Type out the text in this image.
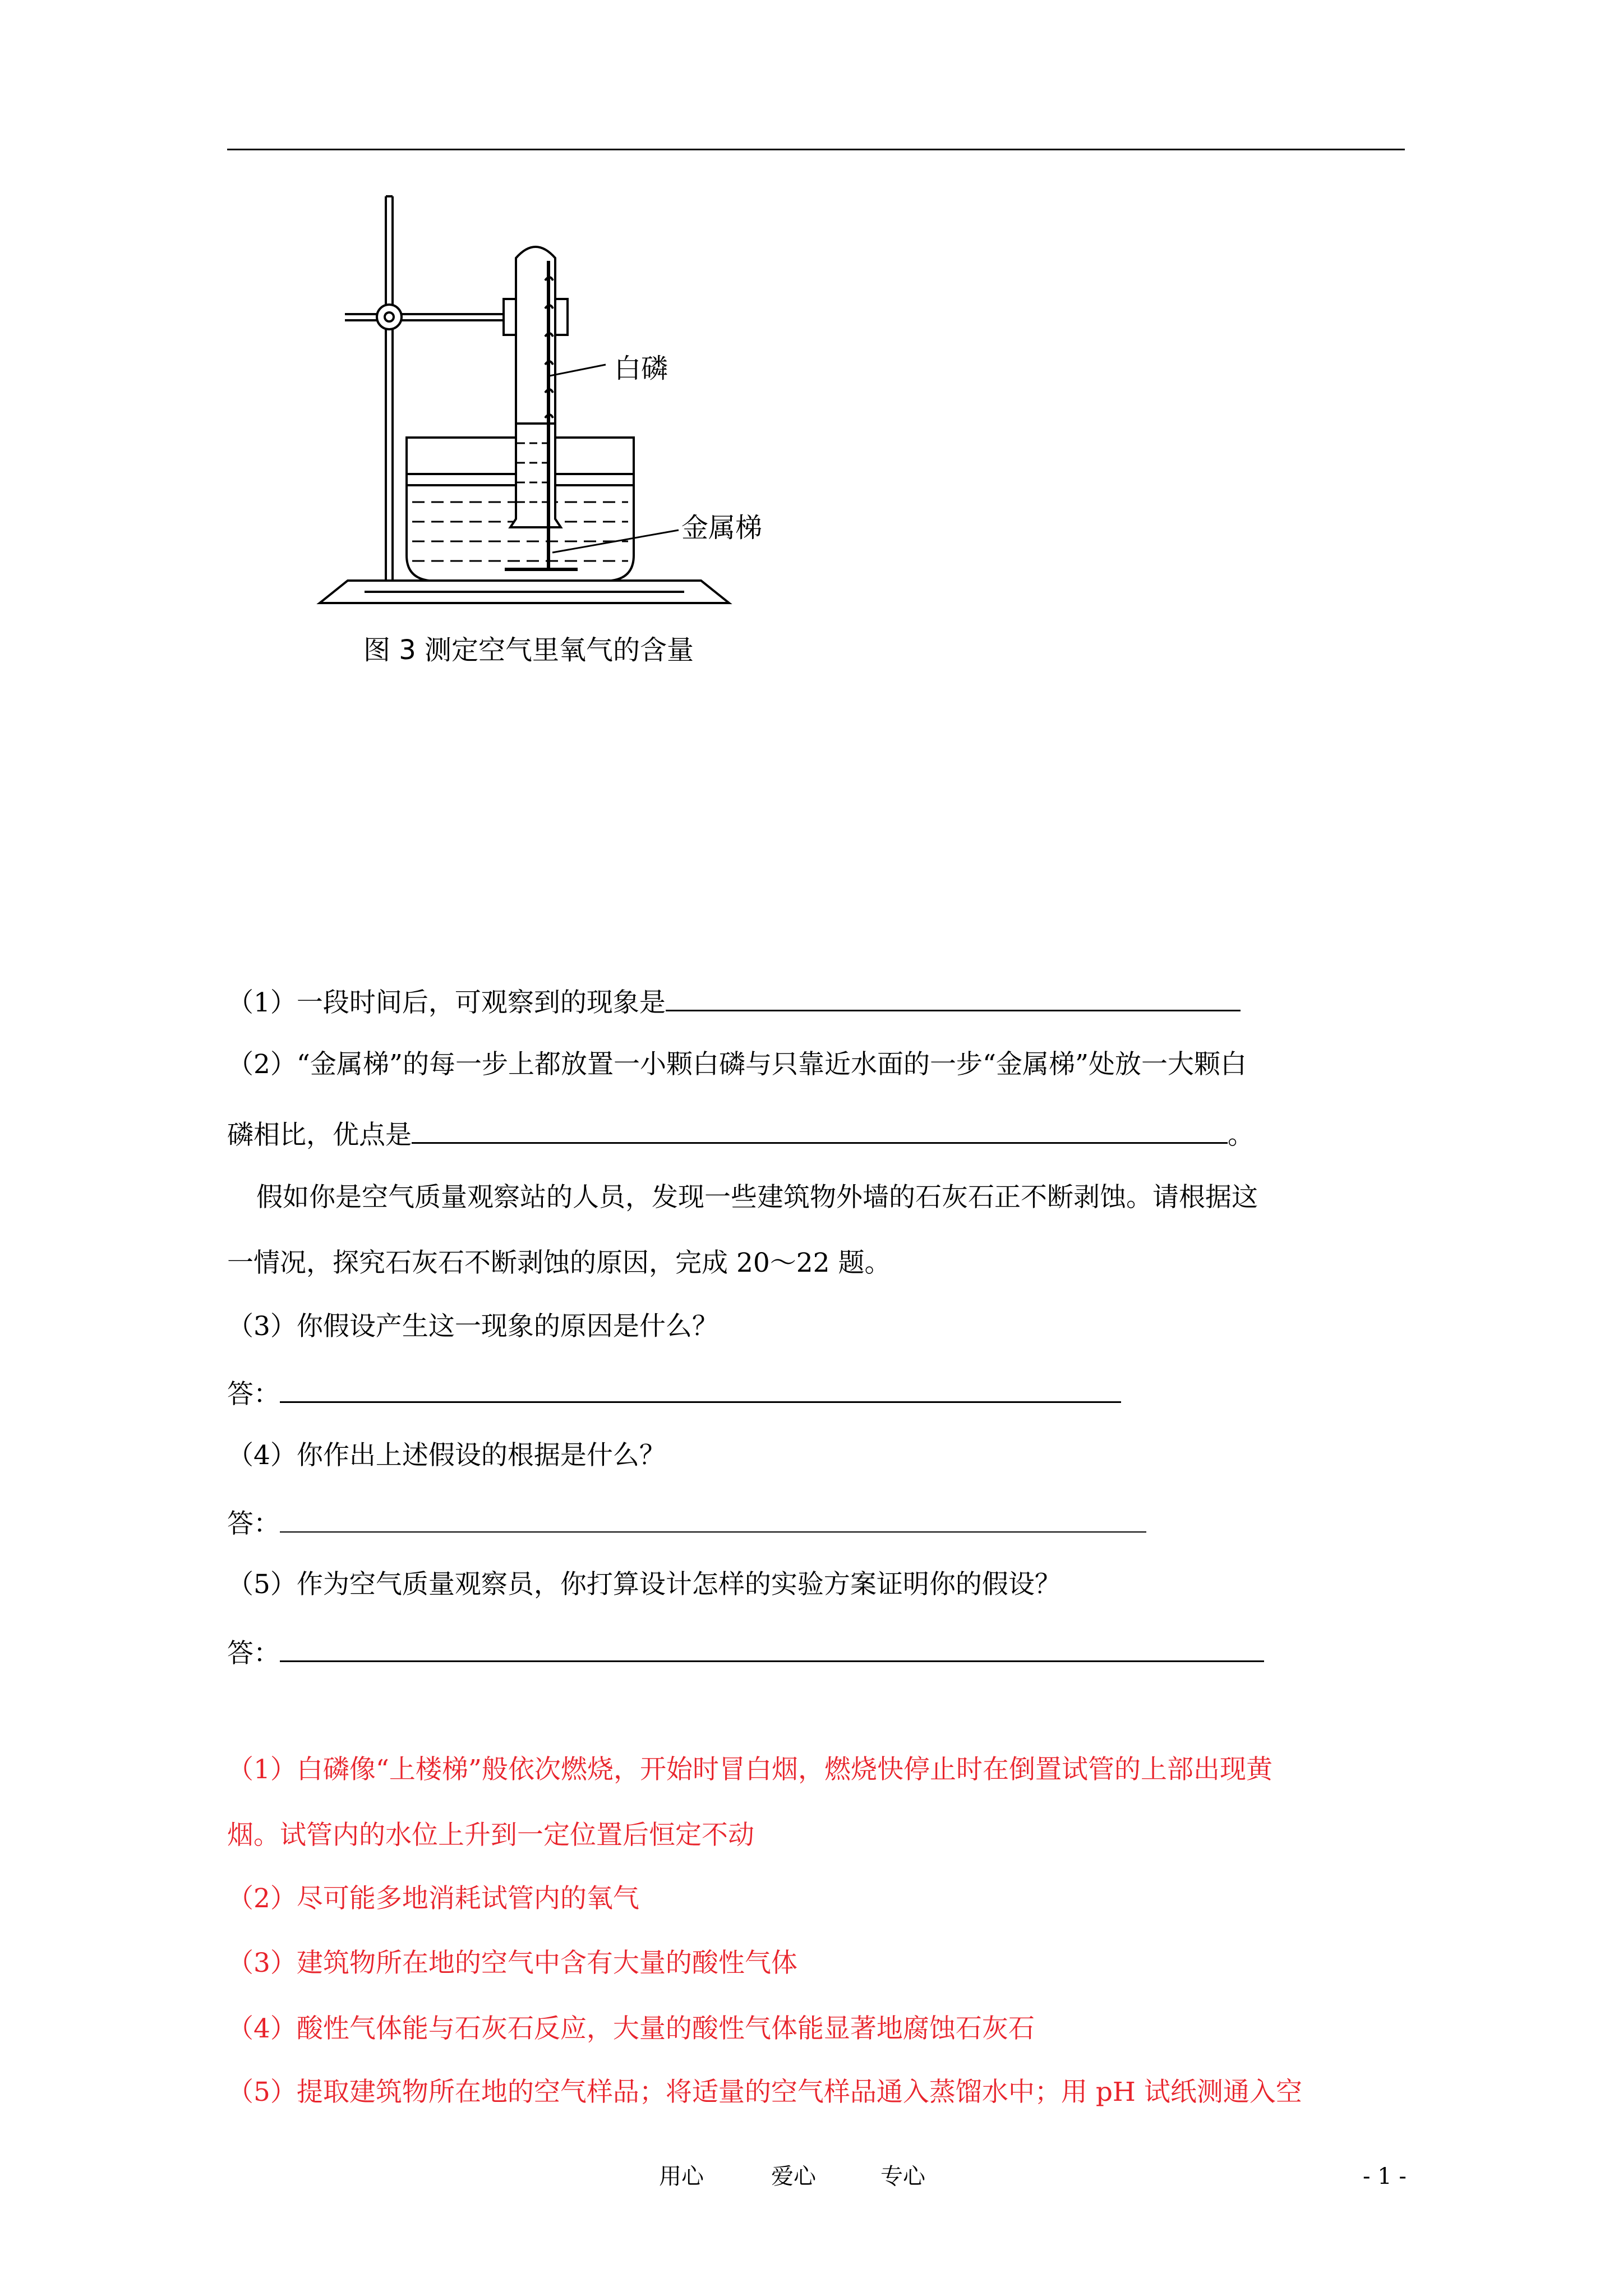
白磷
金属梯
图 3 测定空气里氧气的含量
（1）一段时间后，可观察到的现象是
（2）“金属梯”的每一步上都放置一小颗白磷与只靠近水面的一步“金属梯”处放一大颗白
磷相比，优点是	。
假如你是空气质量观察站的人员，发现一些建筑物外墙的石灰石正不断剥蚀。请根据这
一情况，探究石灰石不断剥蚀的原因，完成 20～22 题。
（3）你假设产生这一现象的原因是什么？
答：
（4）你作出上述假设的根据是什么？
答：
（5）作为空气质量观察员，你打算设计怎样的实验方案证明你的假设？
答：
（1）白磷像“上楼梯”般依次燃烧，开始时冒白烟，燃烧快停止时在倒置试管的上部出现黄
烟。试管内的水位上升到一定位置后恒定不动
（2）尽可能多地消耗试管内的氧气
（3）建筑物所在地的空气中含有大量的酸性气体
（4）酸性气体能与石灰石反应，大量的酸性气体能显著地腐蚀石灰石
（5）提取建筑物所在地的空气样品；将适量的空气样品通入蒸馏水中；用 pH 试纸测通入空
用心	爱心	专心	- 1 -
